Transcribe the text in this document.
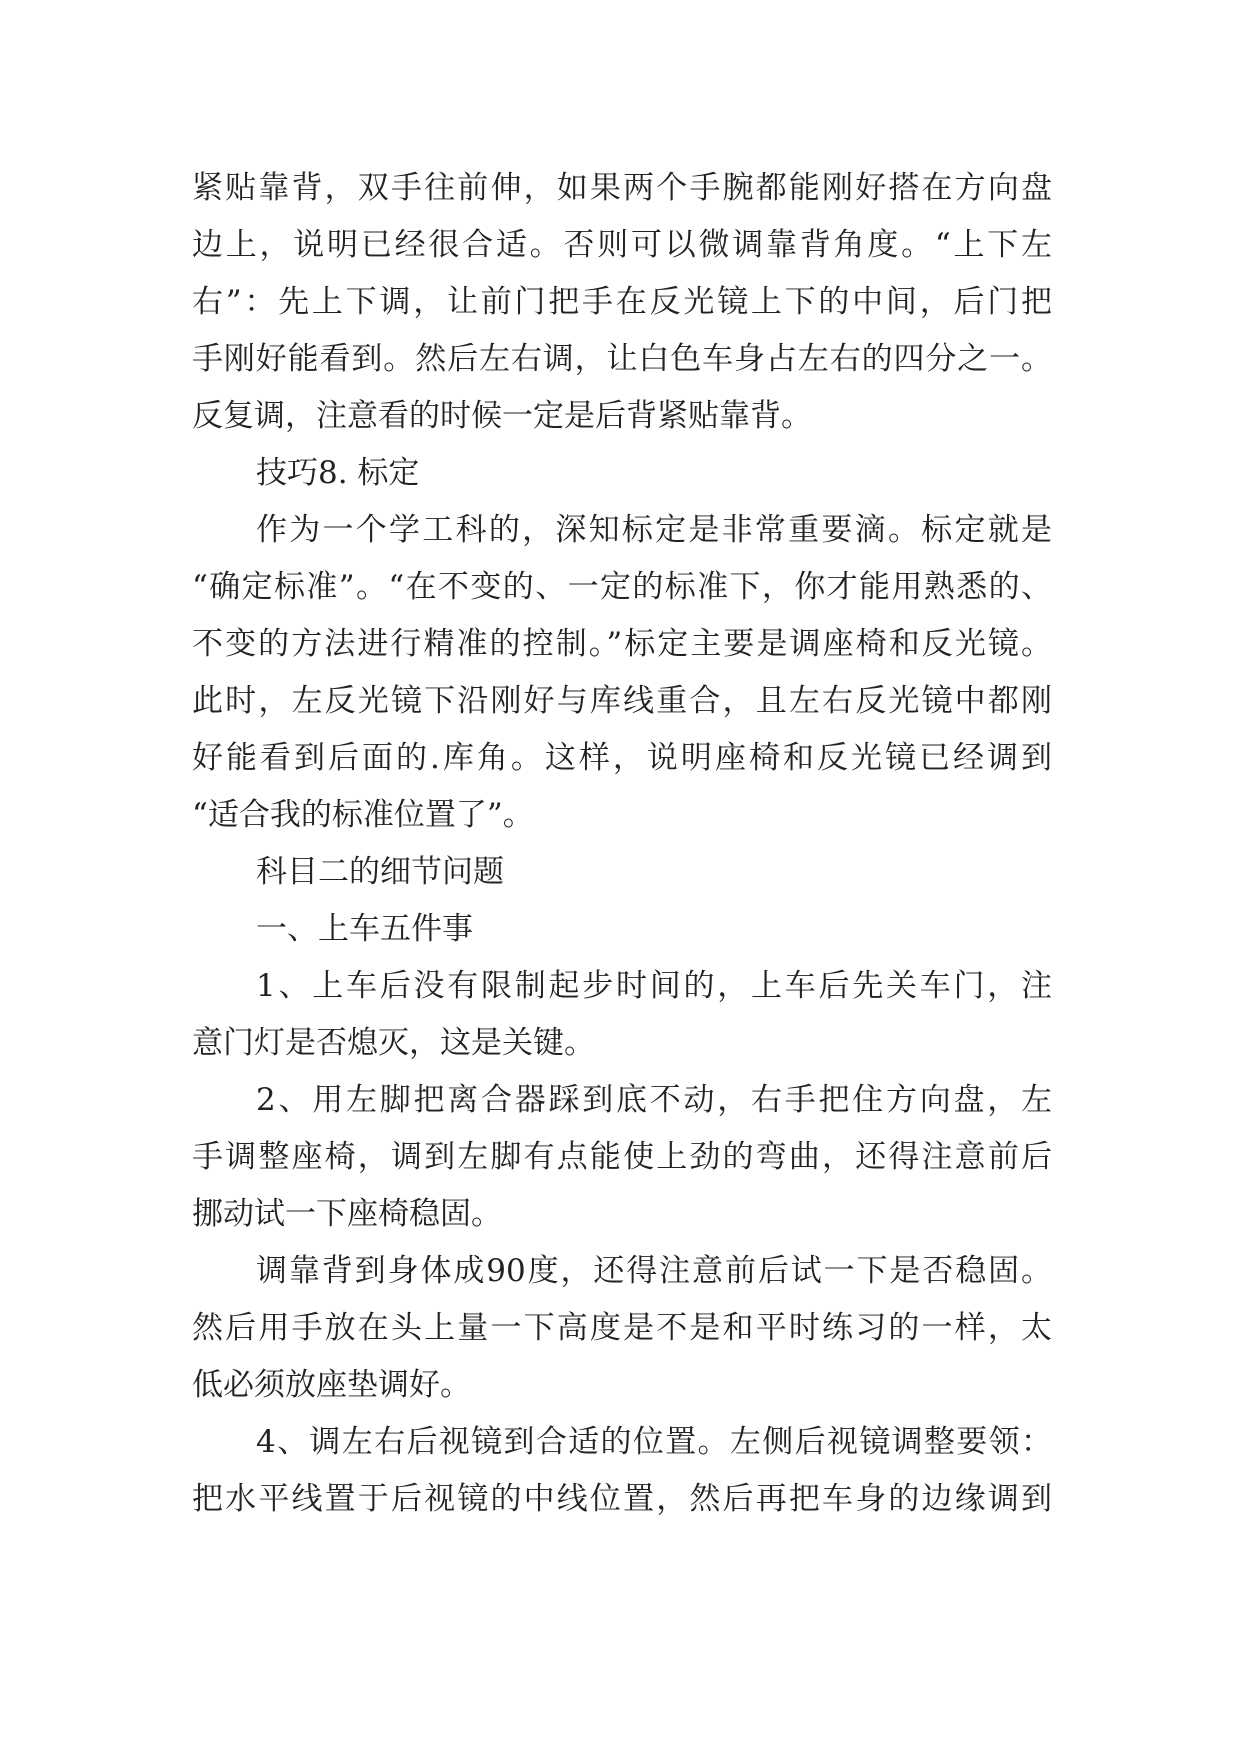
紧贴靠背，双手往前伸，如果两个手腕都能刚好搭在方向盘
边上，说明已经很合适。否则可以微调靠背角度。“上下左
右”：先上下调，让前门把手在反光镜上下的中间，后门把
手刚好能看到。然后左右调，让白色车身占左右的四分之一。
反复调，注意看的时候一定是后背紧贴靠背。
技巧8. 标定
作为一个学工科的，深知标定是非常重要滴。标定就是
“确定标准”。“在不变的、一定的标准下，你才能用熟悉的、
不变的方法进行精准的控制。”标定主要是调座椅和反光镜。
此时，左反光镜下沿刚好与库线重合，且左右反光镜中都刚
好能看到后面的.库角。这样，说明座椅和反光镜已经调到
“适合我的标准位置了”。
科目二的细节问题
一、上车五件事
1、上车后没有限制起步时间的，上车后先关车门，注
意门灯是否熄灭，这是关键。
2、用左脚把离合器踩到底不动，右手把住方向盘，左
手调整座椅，调到左脚有点能使上劲的弯曲，还得注意前后
挪动试一下座椅稳固。
调靠背到身体成90度，还得注意前后试一下是否稳固。
然后用手放在头上量一下高度是不是和平时练习的一样，太
低必须放座垫调好。
4、调左右后视镜到合适的位置。左侧后视镜调整要领：
把水平线置于后视镜的中线位置，然后再把车身的边缘调到
